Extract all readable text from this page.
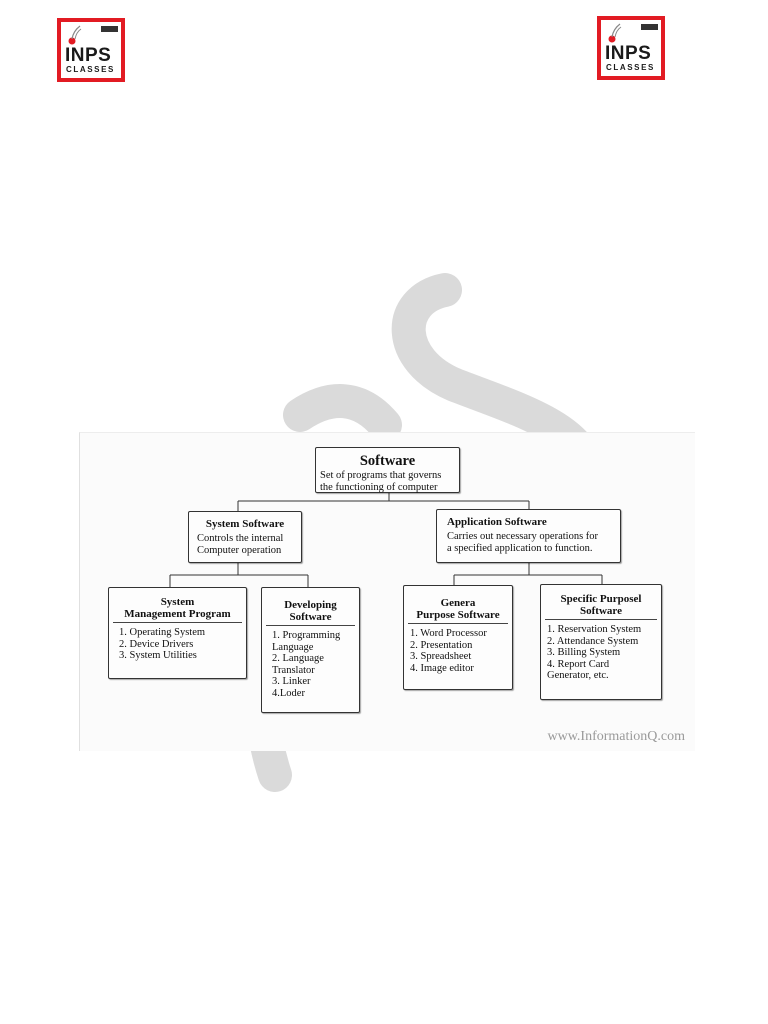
INPS
CLASSES
INPS
CLASSES
Software
Set of programs that governs
the functioning of computer
System Software
Controls the internal
Computer operation
Application Software
Carries out necessary operations for
a specified application to function.
System
Management Program
1. Operating System
2. Device Drivers
3. System Utilities
Developing
Software
1. Programming
Language
2. Language
Translator
3. Linker
4.Loder
Genera
Purpose Software
1. Word Processor
2. Presentation
3. Spreadsheet
4. Image editor
Specific Purposel
Software
1. Reservation System
2. Attendance System
3. Billing System
4. Report Card
Generator, etc.
www.InformationQ.com
